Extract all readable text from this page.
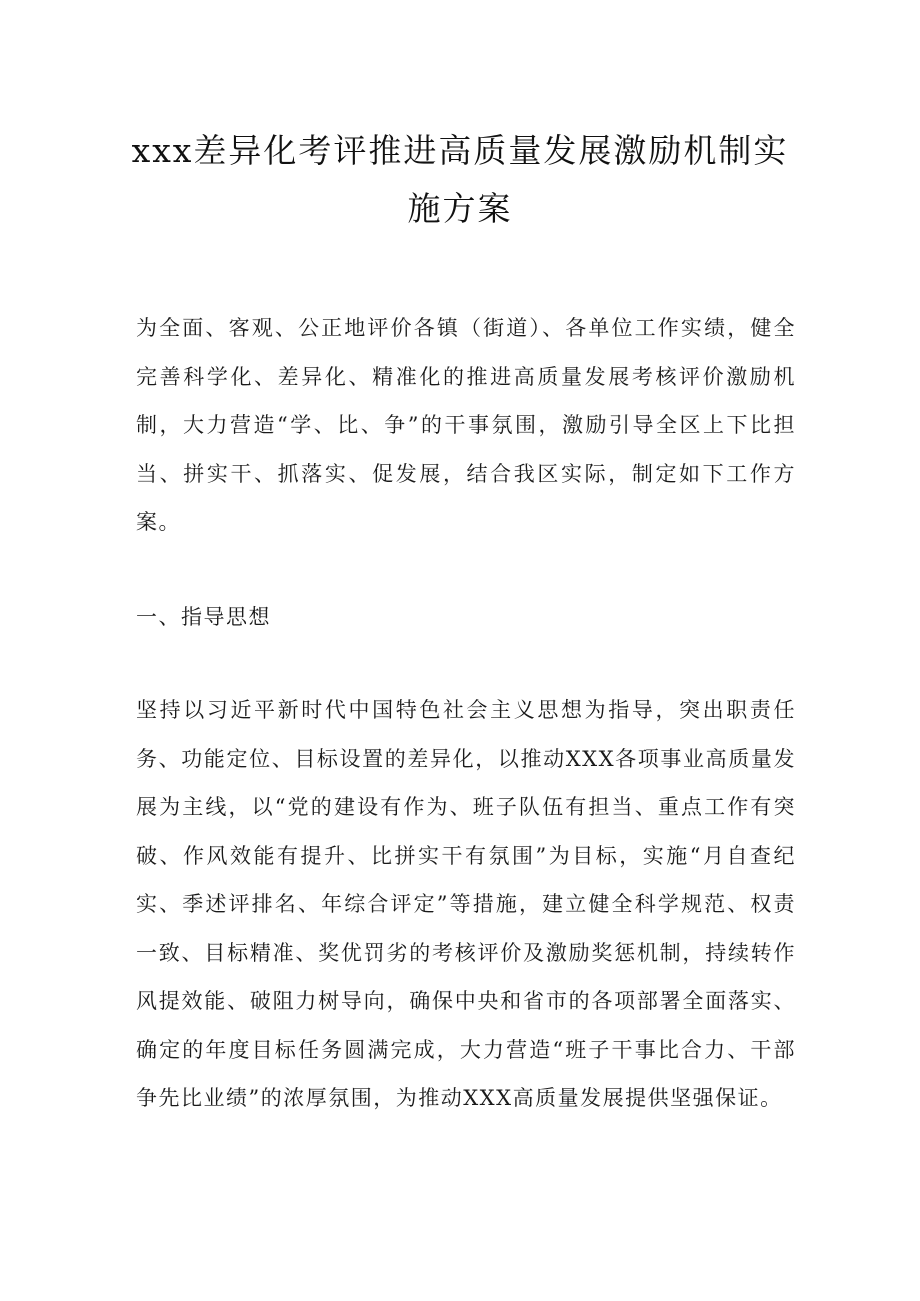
xxx差异化考评推进高质量发展激励机制实施方案

为全面、客观、公正地评价各镇（街道）、各单位工作实绩，健全完善科学化、差异化、精准化的推进高质量发展考核评价激励机制，大力营造“学、比、争”的干事氛围，激励引导全区上下比担当、拼实干、抓落实、促发展，结合我区实际，制定如下工作方案。

一、指导思想

坚持以习近平新时代中国特色社会主义思想为指导，突出职责任务、功能定位、目标设置的差异化，以推动XXX各项事业高质量发展为主线，以“党的建设有作为、班子队伍有担当、重点工作有突破、作风效能有提升、比拼实干有氛围”为目标，实施“月自查纪实、季述评排名、年综合评定”等措施，建立健全科学规范、权责一致、目标精准、奖优罚劣的考核评价及激励奖惩机制，持续转作风提效能、破阻力树导向，确保中央和省市的各项部署全面落实、确定的年度目标任务圆满完成，大力营造“班子干事比合力、干部争先比业绩”的浓厚氛围，为推动XXX高质量发展提供坚强保证。
